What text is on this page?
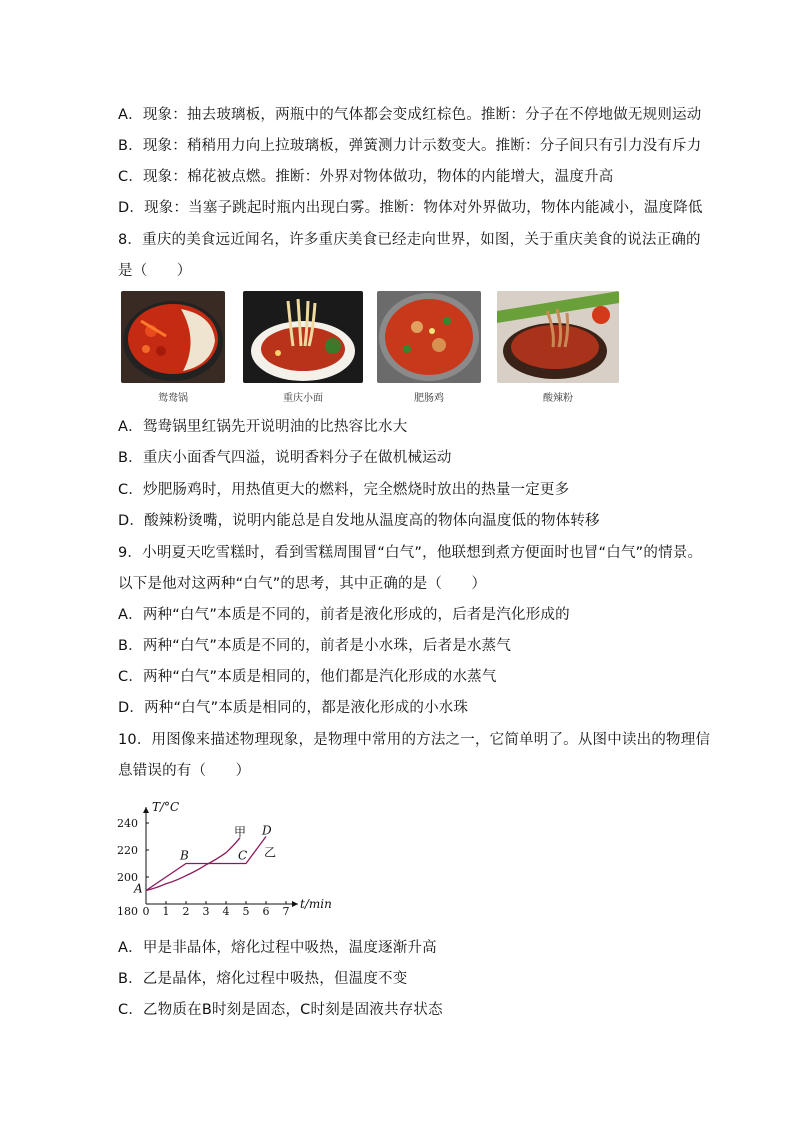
A．现象：抽去玻璃板，两瓶中的气体都会变成红棕色。推断：分子在不停地做无规则运动
B．现象：稍稍用力向上拉玻璃板，弹簧测力计示数变大。推断：分子间只有引力没有斥力
C．现象：棉花被点燃。推断：外界对物体做功，物体的内能增大，温度升高
D．现象：当塞子跳起时瓶内出现白雾。推断：物体对外界做功，物体内能减小，温度降低
8．重庆的美食远近闻名，许多重庆美食已经走向世界，如图，关于重庆美食的说法正确的
是（　　）
鸳鸯锅	重庆小面	肥肠鸡	酸辣粉
A．鸳鸯锅里红锅先开说明油的比热容比水大
B．重庆小面香气四溢，说明香料分子在做机械运动
C．炒肥肠鸡时，用热值更大的燃料，完全燃烧时放出的热量一定更多
D．酸辣粉烫嘴，说明内能总是自发地从温度高的物体向温度低的物体转移
9．小明夏天吃雪糕时，看到雪糕周围冒“白气”，他联想到煮方便面时也冒“白气”的情景。
以下是他对这两种“白气”的思考，其中正确的是（　　）
A．两种“白气”本质是不同的，前者是液化形成的，后者是汽化形成的
B．两种“白气”本质是不同的，前者是小水珠，后者是水蒸气
C．两种“白气”本质是相同的，他们都是汽化形成的水蒸气
D．两种“白气”本质是相同的，都是液化形成的小水珠
10．用图像来描述物理现象，是物理中常用的方法之一，它简单明了。从图中读出的物理信
息错误的有（　　）
T/°C
t/min
0 1 2 3 4 5 6 7
180
200
220
240
甲
乙
A
B	C
D
A．甲是非晶体，熔化过程中吸热，温度逐渐升高
B．乙是晶体，熔化过程中吸热，但温度不变
C．乙物质在B时刻是固态，C时刻是固液共存状态
